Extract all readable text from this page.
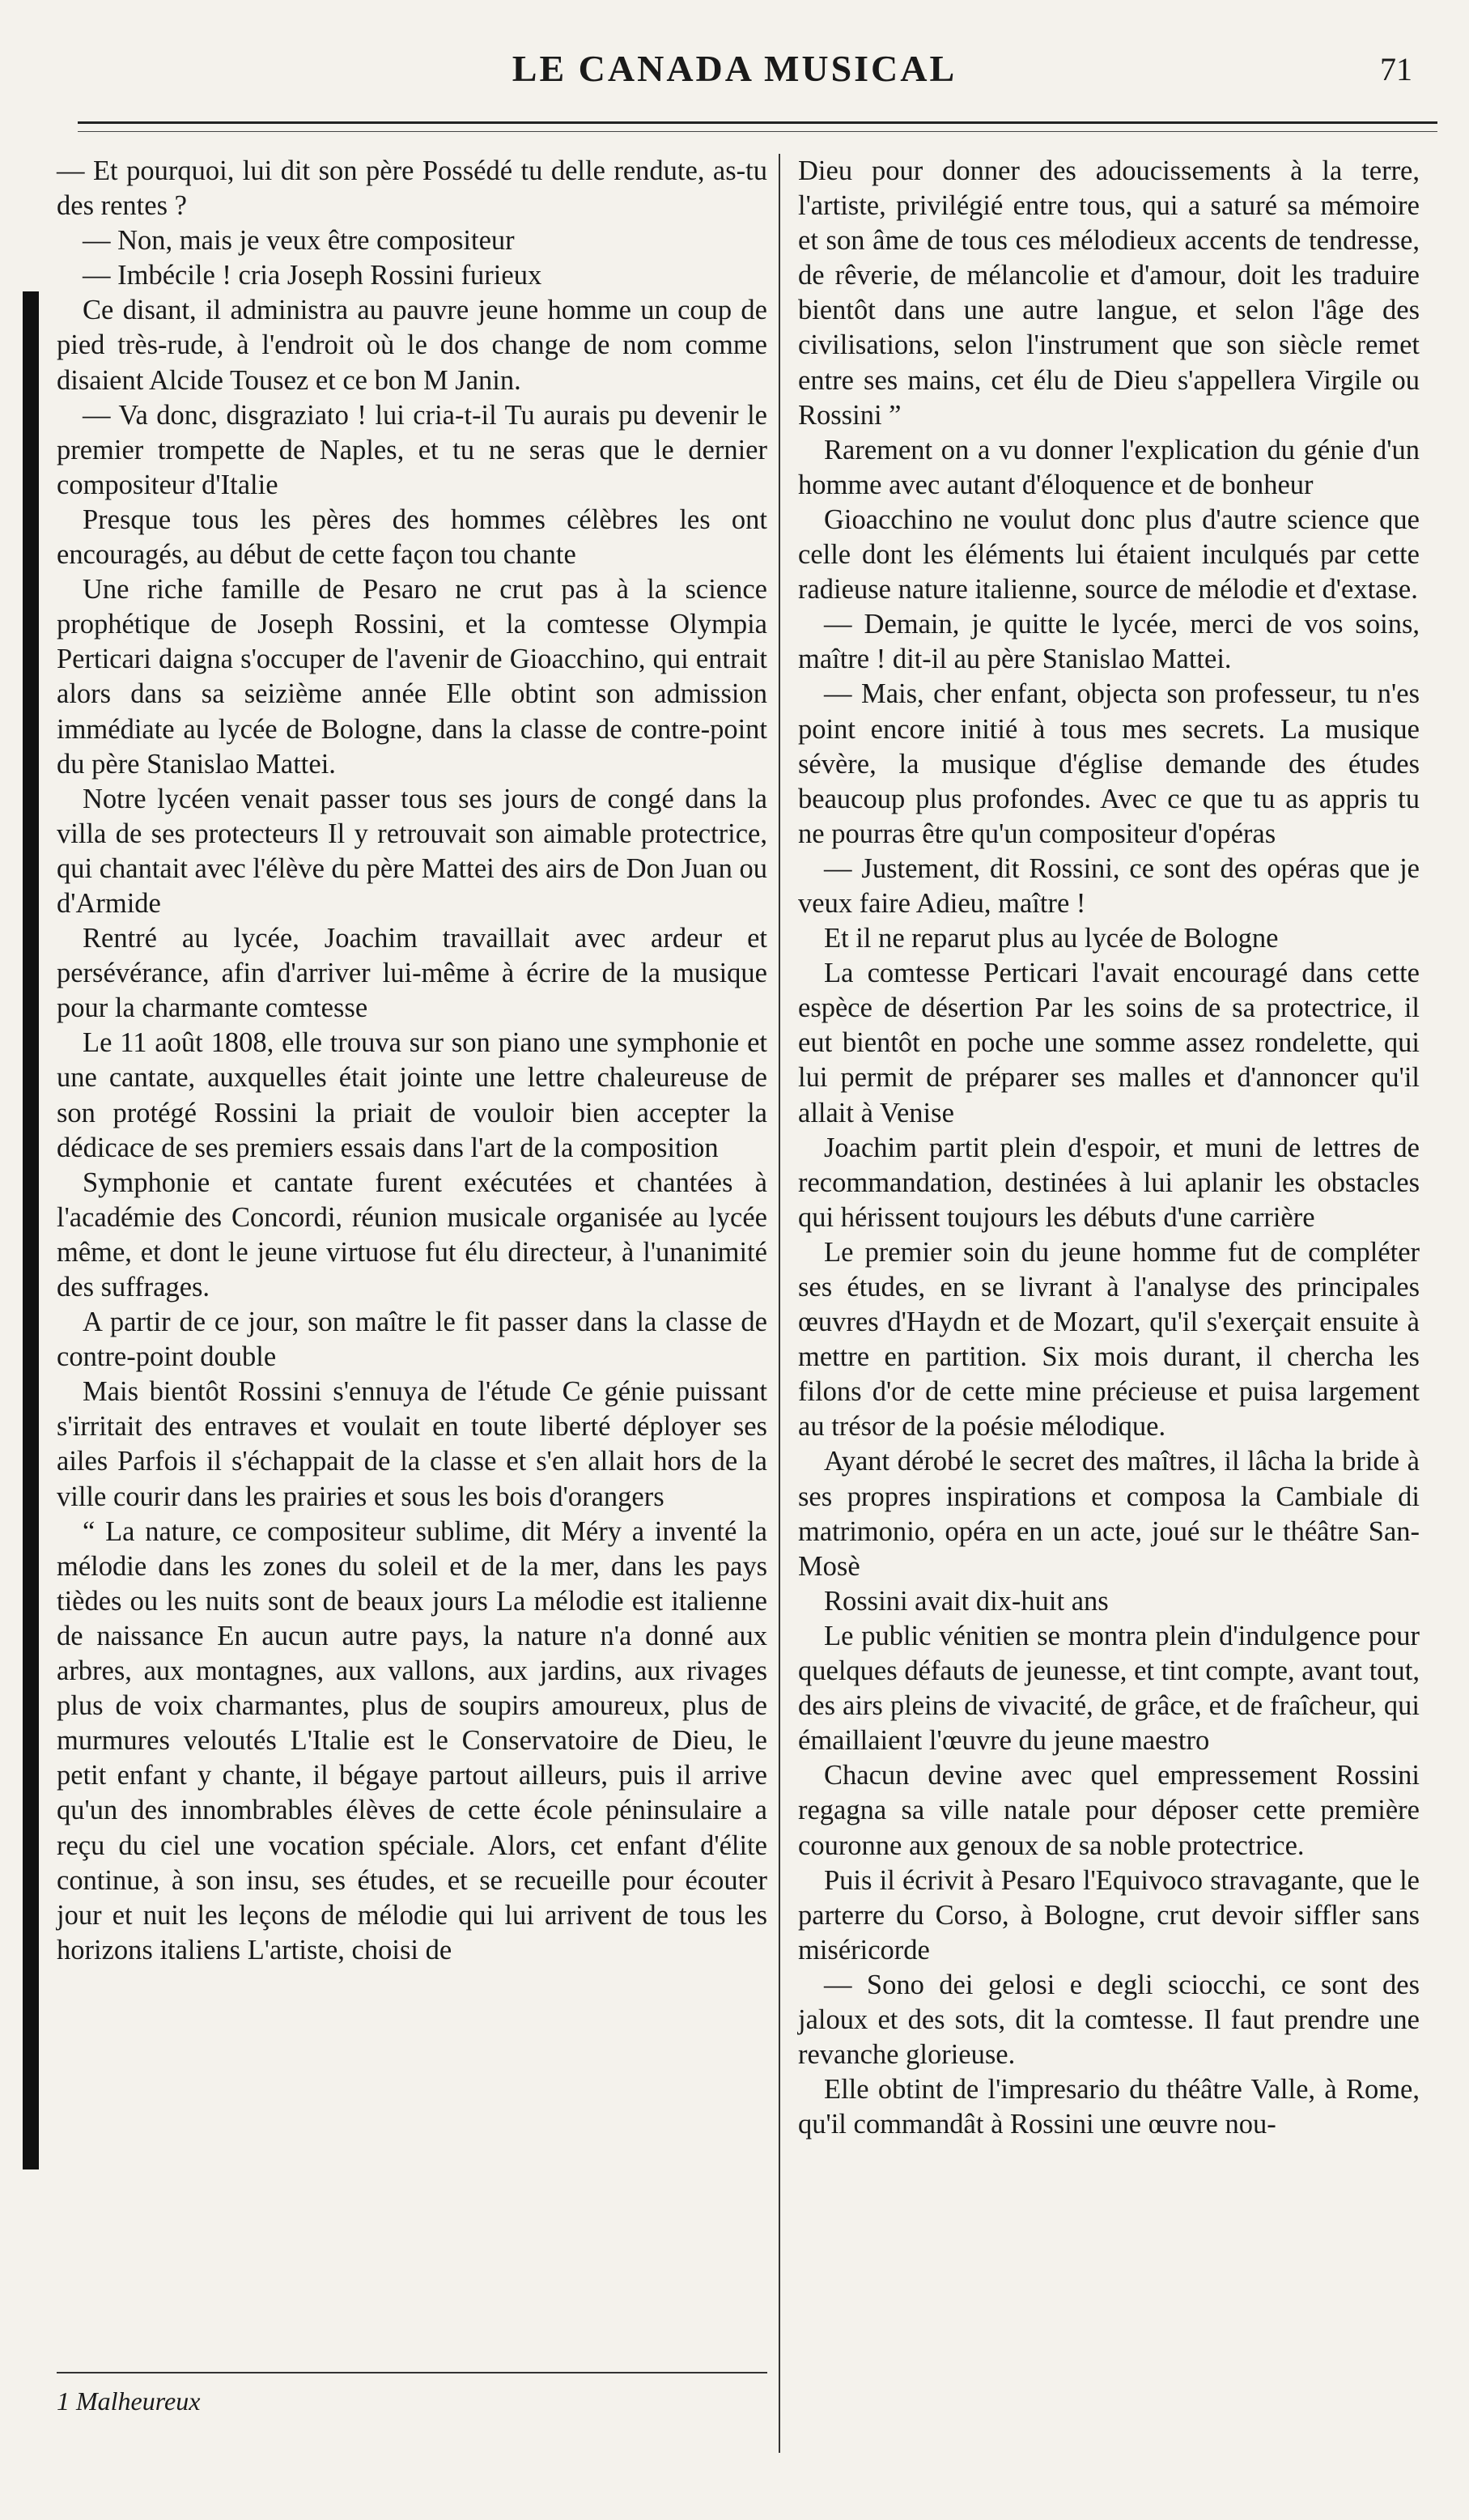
LE CANADA MUSICAL	71

— Et pourquoi, lui dit son père Possédé tu delle rendute, as-tu des rentes ?

— Non, mais je veux être compositeur

— Imbécile ! cria Joseph Rossini furieux

Ce disant, il administra au pauvre jeune homme un coup de pied très-rude, à l'endroit où le dos change de nom comme disaient Alcide Tousez et ce bon M Janin.

— Va donc, disgraziato ! lui cria-t-il Tu aurais pu devenir le premier trompette de Naples, et tu ne seras que le dernier compositeur d'Italie

Presque tous les pères des hommes célèbres les ont encouragés, au début de cette façon tou chante

Une riche famille de Pesaro ne crut pas à la science prophétique de Joseph Rossini, et la comtesse Olympia Perticari daigna s'occuper de l'avenir de Gioacchino, qui entrait alors dans sa seizième année Elle obtint son admission immédiate au lycée de Bologne, dans la classe de contre-point du père Stanislao Mattei.

Notre lycéen venait passer tous ses jours de congé dans la villa de ses protecteurs Il y retrouvait son aimable protectrice, qui chantait avec l'élève du père Mattei des airs de Don Juan ou d'Armide

Rentré au lycée, Joachim travaillait avec ardeur et persévérance, afin d'arriver lui-même à écrire de la musique pour la charmante comtesse

Le 11 août 1808, elle trouva sur son piano une symphonie et une cantate, auxquelles était jointe une lettre chaleureuse de son protégé Rossini la priait de vouloir bien accepter la dédicace de ses premiers essais dans l'art de la composition

Symphonie et cantate furent exécutées et chantées à l'académie des Concordi, réunion musicale organisée au lycée même, et dont le jeune virtuose fut élu directeur, à l'unanimité des suffrages.

A partir de ce jour, son maître le fit passer dans la classe de contre-point double

Mais bientôt Rossini s'ennuya de l'étude Ce génie puissant s'irritait des entraves et voulait en toute liberté déployer ses ailes Parfois il s'échappait de la classe et s'en allait hors de la ville courir dans les prairies et sous les bois d'orangers

“ La nature, ce compositeur sublime, dit Méry a inventé la mélodie dans les zones du soleil et de la mer, dans les pays tièdes ou les nuits sont de beaux jours La mélodie est italienne de naissance En aucun autre pays, la nature n'a donné aux arbres, aux montagnes, aux vallons, aux jardins, aux rivages plus de voix charmantes, plus de soupirs amoureux, plus de murmures veloutés L'Italie est le Conservatoire de Dieu, le petit enfant y chante, il bégaye partout ailleurs, puis il arrive qu'un des innombrables élèves de cette école péninsulaire a reçu du ciel une vocation spéciale. Alors, cet enfant d'élite continue, à son insu, ses études, et se recueille pour écouter jour et nuit les leçons de mélodie qui lui arrivent de tous les horizons italiens L'artiste, choisi de

Dieu pour donner des adoucissements à la terre, l'artiste, privilégié entre tous, qui a saturé sa mémoire et son âme de tous ces mélodieux accents de tendresse, de rêverie, de mélancolie et d'amour, doit les traduire bientôt dans une autre langue, et selon l'âge des civilisations, selon l'instrument que son siècle remet entre ses mains, cet élu de Dieu s'appellera Virgile ou Rossini ”

Rarement on a vu donner l'explication du génie d'un homme avec autant d'éloquence et de bonheur

Gioacchino ne voulut donc plus d'autre science que celle dont les éléments lui étaient inculqués par cette radieuse nature italienne, source de mélodie et d'extase.

— Demain, je quitte le lycée, merci de vos soins, maître ! dit-il au père Stanislao Mattei.

— Mais, cher enfant, objecta son professeur, tu n'es point encore initié à tous mes secrets. La musique sévère, la musique d'église demande des études beaucoup plus profondes. Avec ce que tu as appris tu ne pourras être qu'un compositeur d'opéras

— Justement, dit Rossini, ce sont des opéras que je veux faire Adieu, maître !

Et il ne reparut plus au lycée de Bologne

La comtesse Perticari l'avait encouragé dans cette espèce de désertion Par les soins de sa protectrice, il eut bientôt en poche une somme assez rondelette, qui lui permit de préparer ses malles et d'annoncer qu'il allait à Venise

Joachim partit plein d'espoir, et muni de lettres de recommandation, destinées à lui aplanir les obstacles qui hérissent toujours les débuts d'une carrière

Le premier soin du jeune homme fut de compléter ses études, en se livrant à l'analyse des principales œuvres d'Haydn et de Mozart, qu'il s'exerçait ensuite à mettre en partition. Six mois durant, il chercha les filons d'or de cette mine précieuse et puisa largement au trésor de la poésie mélodique.

Ayant dérobé le secret des maîtres, il lâcha la bride à ses propres inspirations et composa la Cambiale di matrimonio, opéra en un acte, joué sur le théâtre San-Mosè

Rossini avait dix-huit ans

Le public vénitien se montra plein d'indulgence pour quelques défauts de jeunesse, et tint compte, avant tout, des airs pleins de vivacité, de grâce, et de fraîcheur, qui émaillaient l'œuvre du jeune maestro

Chacun devine avec quel empressement Rossini regagna sa ville natale pour déposer cette première couronne aux genoux de sa noble protectrice.

Puis il écrivit à Pesaro l'Equivoco stravagante, que le parterre du Corso, à Bologne, crut devoir siffler sans miséricorde

— Sono dei gelosi e degli sciocchi, ce sont des jaloux et des sots, dit la comtesse. Il faut prendre une revanche glorieuse.

Elle obtint de l'impresario du théâtre Valle, à Rome, qu'il commandât à Rossini une œuvre nou-

1 Malheureux
